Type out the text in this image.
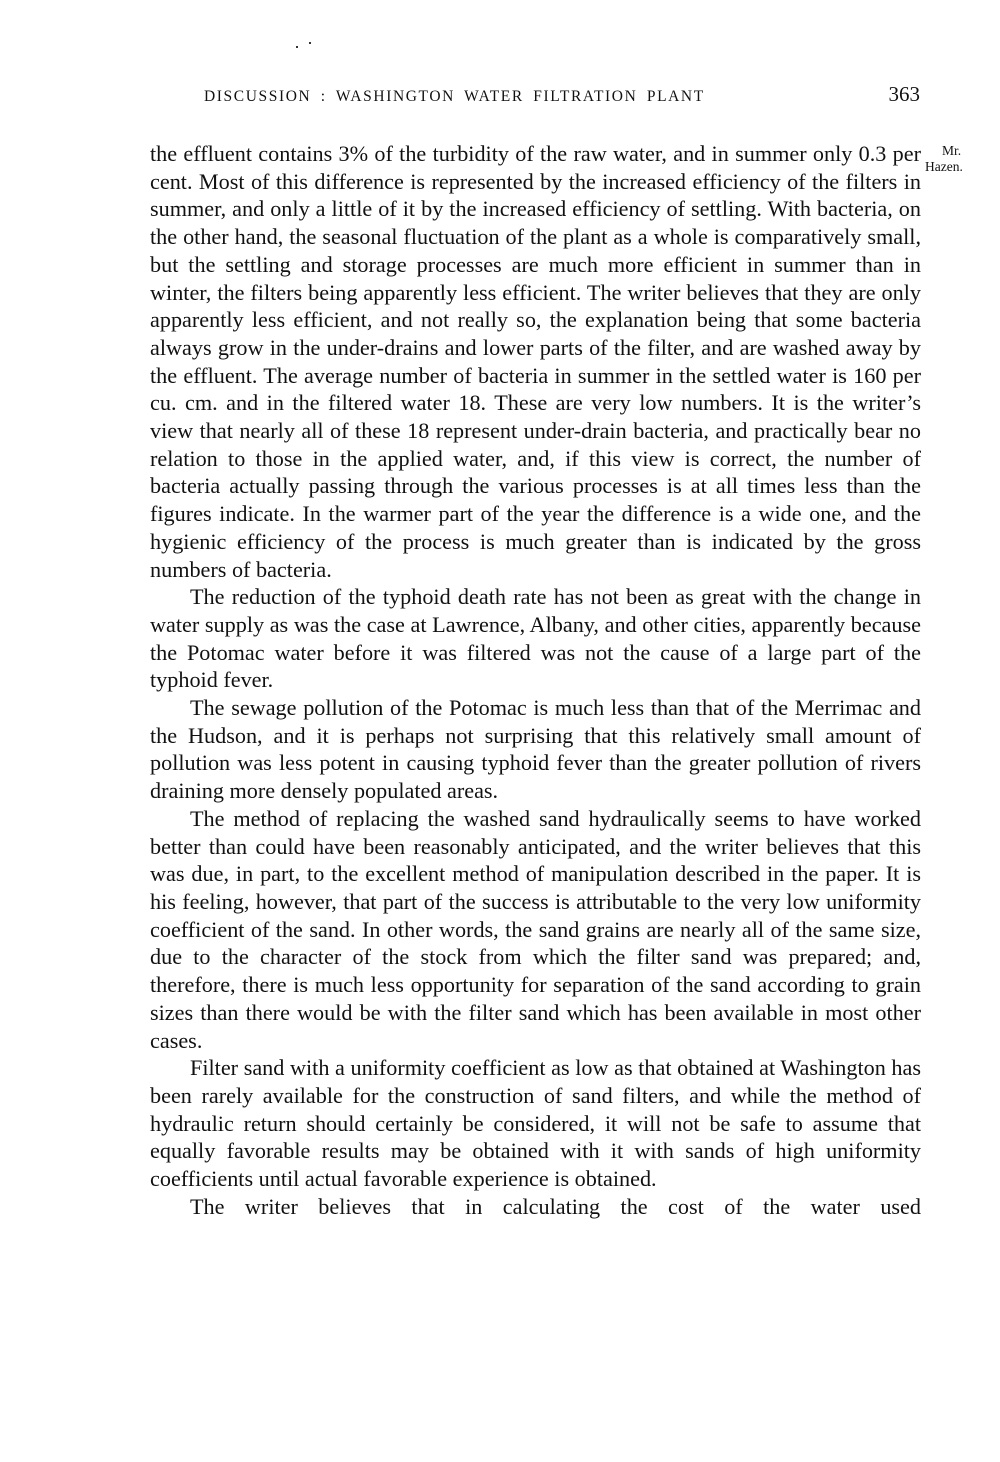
DISCUSSION : WASHINGTON WATER FILTRATION PLANT	363
Mr.
Hazen.

the effluent contains 3% of the turbidity of the raw water, and in summer only 0.3 per cent. Most of this difference is represented by the increased efficiency of the filters in summer, and only a little of it by the increased efficiency of settling. With bacteria, on the other hand, the seasonal fluctuation of the plant as a whole is comparatively small, but the settling and storage processes are much more efficient in summer than in winter, the filters being apparently less efficient. The writer believes that they are only apparently less efficient, and not really so, the explanation being that some bacteria always grow in the under-drains and lower parts of the filter, and are washed away by the effluent. The average number of bacteria in summer in the settled water is 160 per cu. cm. and in the filtered water 18. These are very low numbers. It is the writer’s view that nearly all of these 18 represent under-drain bacteria, and practically bear no relation to those in the applied water, and, if this view is correct, the number of bacteria actually passing through the various processes is at all times less than the figures indicate. In the warmer part of the year the difference is a wide one, and the hygienic efficiency of the process is much greater than is indicated by the gross numbers of bacteria.

The reduction of the typhoid death rate has not been as great with the change in water supply as was the case at Lawrence, Albany, and other cities, apparently because the Potomac water before it was filtered was not the cause of a large part of the typhoid fever.

The sewage pollution of the Potomac is much less than that of the Merrimac and the Hudson, and it is perhaps not surprising that this relatively small amount of pollution was less potent in causing typhoid fever than the greater pollution of rivers draining more densely populated areas.

The method of replacing the washed sand hydraulically seems to have worked better than could have been reasonably anticipated, and the writer believes that this was due, in part, to the excellent method of manipulation described in the paper. It is his feeling, however, that part of the success is attributable to the very low uniformity coefficient of the sand. In other words, the sand grains are nearly all of the same size, due to the character of the stock from which the filter sand was prepared; and, therefore, there is much less opportunity for separation of the sand according to grain sizes than there would be with the filter sand which has been available in most other cases.

Filter sand with a uniformity coefficient as low as that obtained at Washington has been rarely available for the construction of sand filters, and while the method of hydraulic return should certainly be considered, it will not be safe to assume that equally favorable results may be obtained with it with sands of high uniformity coefficients until actual favorable experience is obtained.

The writer believes that in calculating the cost of the water used
